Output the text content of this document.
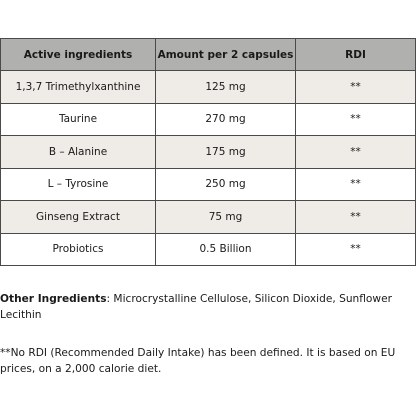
Active ingredients	Amount per 2 capsules	RDI
1,3,7 Trimethylxanthine	125 mg	**
Taurine	270 mg	**
B – Alanine	175 mg	**
L – Tyrosine	250 mg	**
Ginseng Extract	75 mg	**
Probiotics	0.5 Billion	**

Other Ingredients: Microcrystalline Cellulose, Silicon Dioxide, Sunflower Lecithin

**No RDI (Recommended Daily Intake) has been defined. It is based on EU prices, on a 2,000 calorie diet.
